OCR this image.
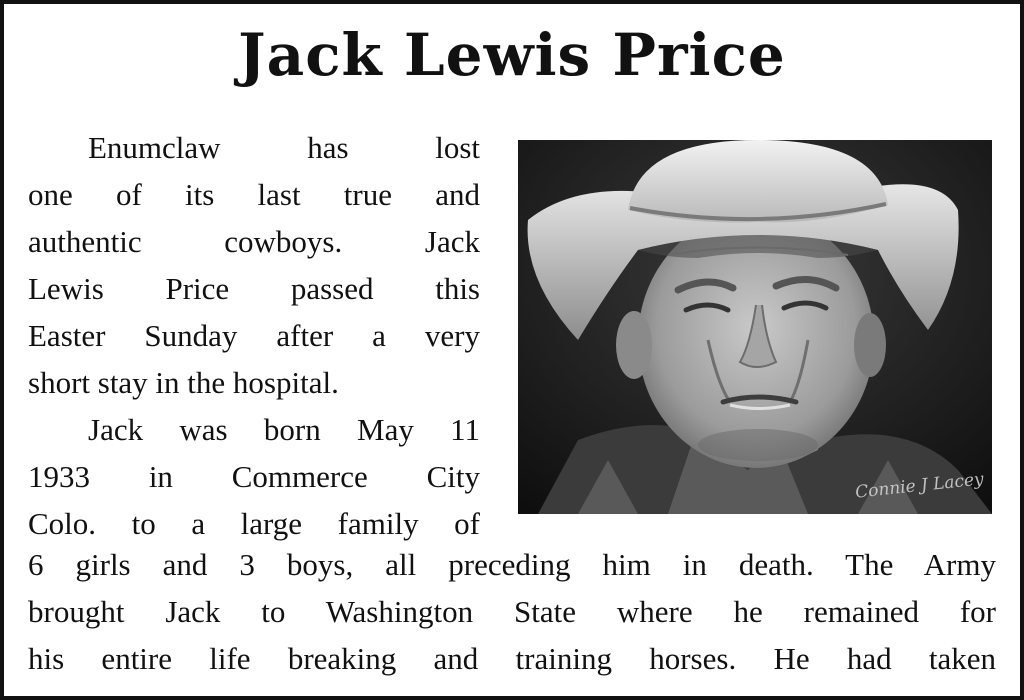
Jack Lewis Price
Enumclaw has lost
one of its last true and
authentic cowboys. Jack
Lewis Price passed this
Easter Sunday after a very
short stay in the hospital.
Jack was born May 11
1933 in Commerce City
Colo. to a large family of
Connie J Lacey
6 girls and 3 boys, all preceding him in death. The Army
brought Jack to Washington State where he remained for
his entire life breaking and training horses. He had taken
